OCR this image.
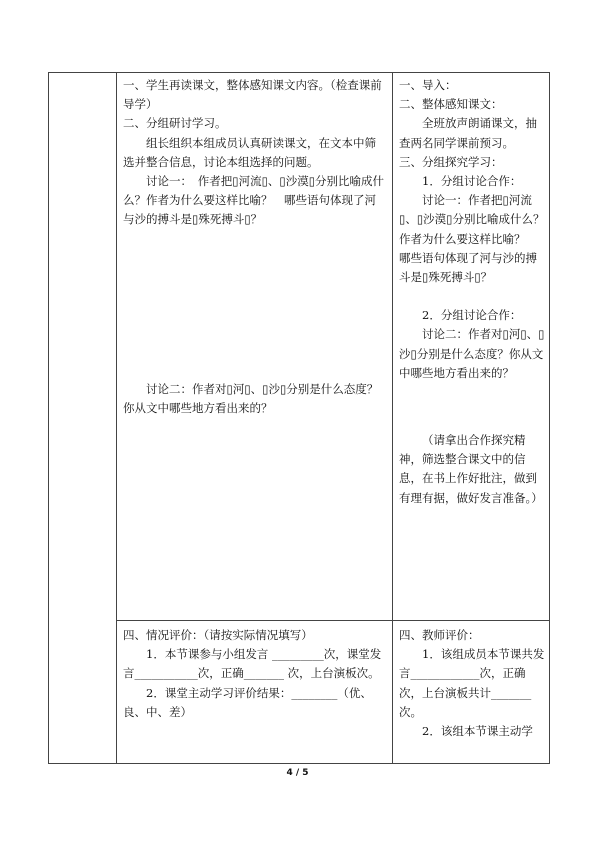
一、学生再读课文，整体感知课文内容。（检查课前导学）

二、分组研讨学习。

组长组织本组成员认真研读课文，在文本中筛选并整合信息，讨论本组选择的问题。

讨论一：　作者把▯河流▯、▯沙漠▯分别比喻成什么？作者为什么要这样比喻？　哪些语句体现了河与沙的搏斗是▯殊死搏斗▯？

讨论二：作者对▯河▯、▯沙▯分别是什么态度？你从文中哪些地方看出来的？

一、导入：

二、整体感知课文：

全班放声朗诵课文，抽查两名同学课前预习。

三、分组探究学习：

1．分组讨论合作：

讨论一：作者把▯河流▯、▯沙漠▯分别比喻成什么？作者为什么要这样比喻？　哪些语句体现了河与沙的搏斗是▯殊死搏斗▯？

2．分组讨论合作：

讨论二：作者对▯河▯、▯沙▯分别是什么态度？你从文中哪些地方看出来的？

（请拿出合作探究精神，筛选整合课文中的信息，在书上作好批注，做到有理有据，做好发言准备。）

四、情况评价：（请按实际情况填写）

1．本节课参与小组发言 _________次，课堂发言___________次，正确_______ 次，上台演板次。

2．课堂主动学习评价结果：________（优、良、中、差）

四、教师评价：

1．该组成员本节课共发言____________次，正确次，上台演板共计_______次。

2．该组本节课主动学

4 / 5
